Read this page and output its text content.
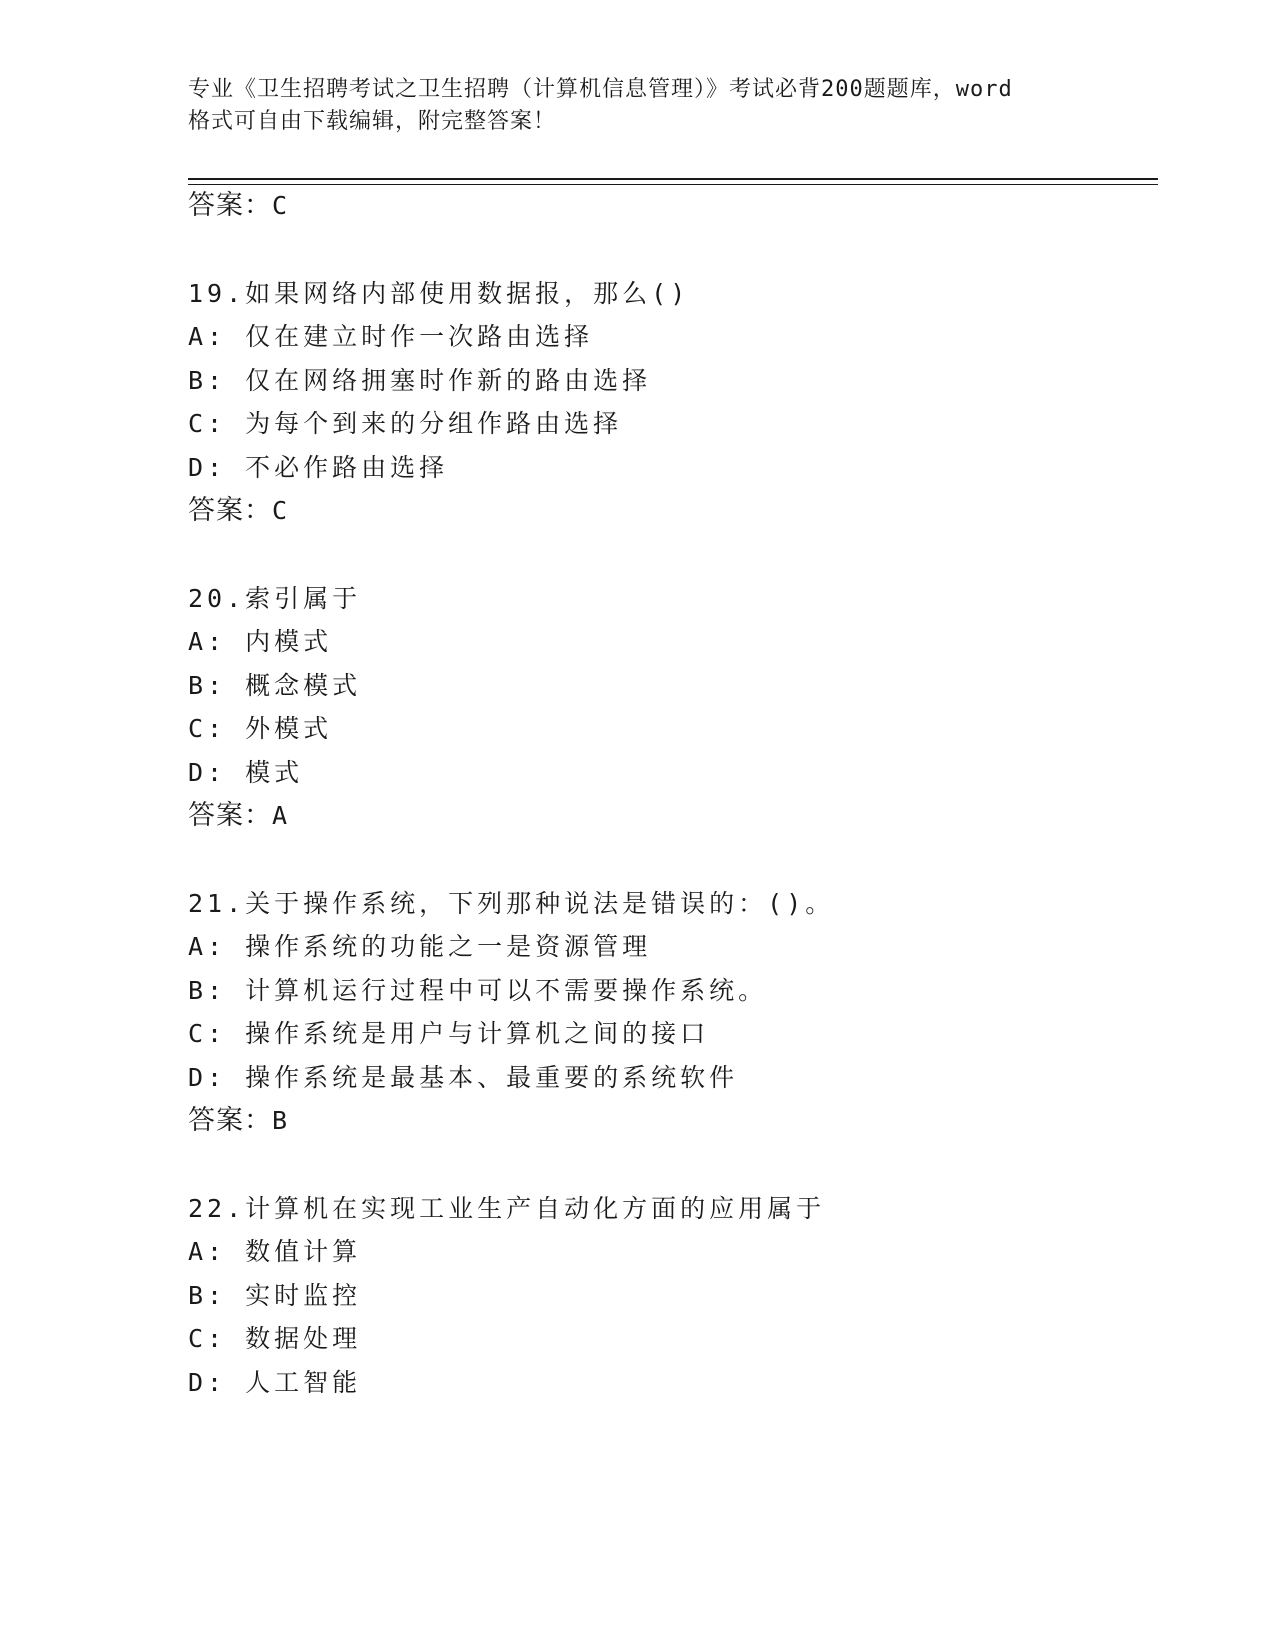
专业《卫生招聘考试之卫生招聘（计算机信息管理）》考试必背200题题库，word
格式可自由下载编辑，附完整答案！
答案：C
19.如果网络内部使用数据报，那么()
A: 仅在建立时作一次路由选择
B: 仅在网络拥塞时作新的路由选择
C: 为每个到来的分组作路由选择
D: 不必作路由选择
答案：C
20.索引属于
A: 内模式
B: 概念模式
C: 外模式
D: 模式
答案：A
21.关于操作系统，下列那种说法是错误的：()。
A: 操作系统的功能之一是资源管理
B: 计算机运行过程中可以不需要操作系统。
C: 操作系统是用户与计算机之间的接口
D: 操作系统是最基本、最重要的系统软件
答案：B
22.计算机在实现工业生产自动化方面的应用属于
A: 数值计算
B: 实时监控
C: 数据处理
D: 人工智能
